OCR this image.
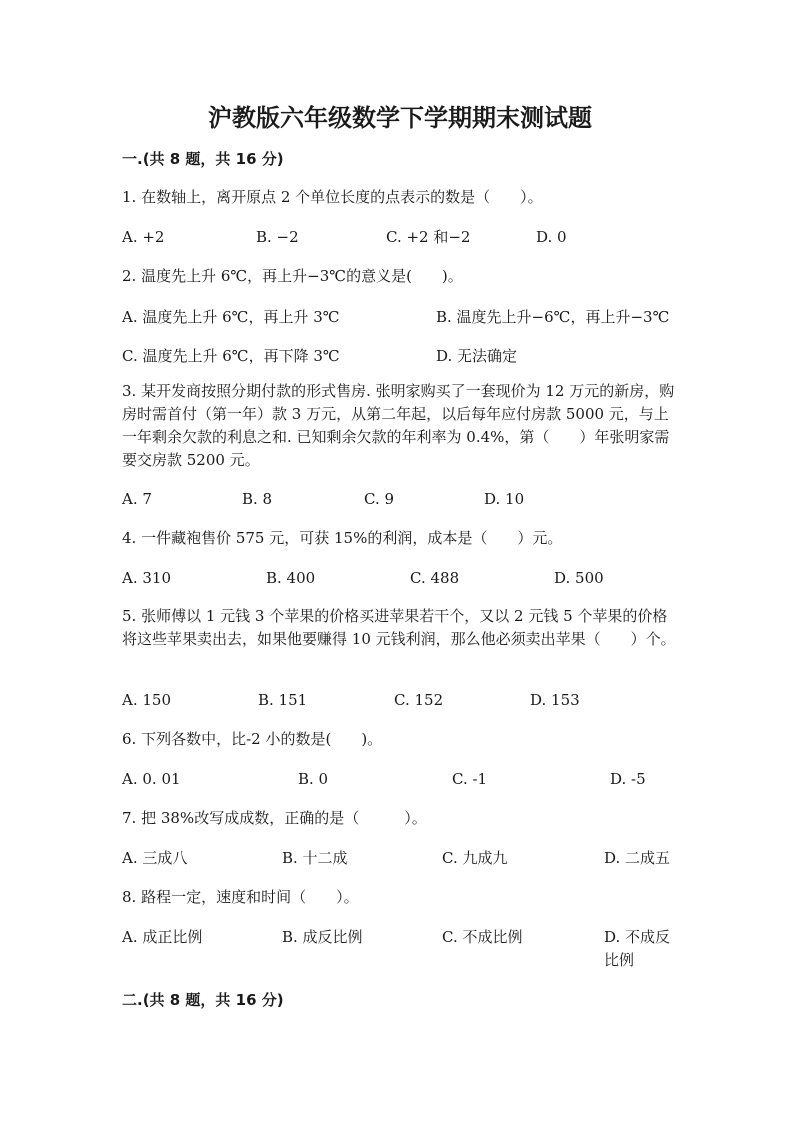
沪教版六年级数学下学期期末测试题
一.(共 8 题，共 16 分)
1. 在数轴上，离开原点 2 个单位长度的点表示的数是（　　）。
A. +2	B. −2	C. +2 和−2	D. 0
2. 温度先上升 6℃，再上升−3℃的意义是(　　)。
A. 温度先上升 6℃，再上升 3℃	B. 温度先上升−6℃，再上升−3℃
C. 温度先上升 6℃，再下降 3℃	D. 无法确定
3. 某开发商按照分期付款的形式售房. 张明家购买了一套现价为 12 万元的新房，购房时需首付（第一年）款 3 万元，从第二年起，以后每年应付房款 5000 元，与上一年剩余欠款的利息之和. 已知剩余欠款的年利率为 0.4%，第（　　）年张明家需要交房款 5200 元。
A. 7	B. 8	C. 9	D. 10
4. 一件藏袍售价 575 元，可获 15%的利润，成本是（　　）元。
A. 310	B. 400	C. 488	D. 500
5. 张师傅以 1 元钱 3 个苹果的价格买进苹果若干个，又以 2 元钱 5 个苹果的价格将这些苹果卖出去，如果他要赚得 10 元钱利润，那么他必须卖出苹果（　　）个。
A. 150	B. 151	C. 152	D. 153
6. 下列各数中，比-2 小的数是(　　)。
A. 0. 01	B. 0	C. -1	D. -5
7. 把 38%改写成成数，正确的是（　　　）。
A. 三成八	B. 十二成	C. 九成九	D. 二成五
8. 路程一定，速度和时间（　　）。
A. 成正比例	B. 成反比例	C. 不成比例	D. 不成反比例
二.(共 8 题，共 16 分)
